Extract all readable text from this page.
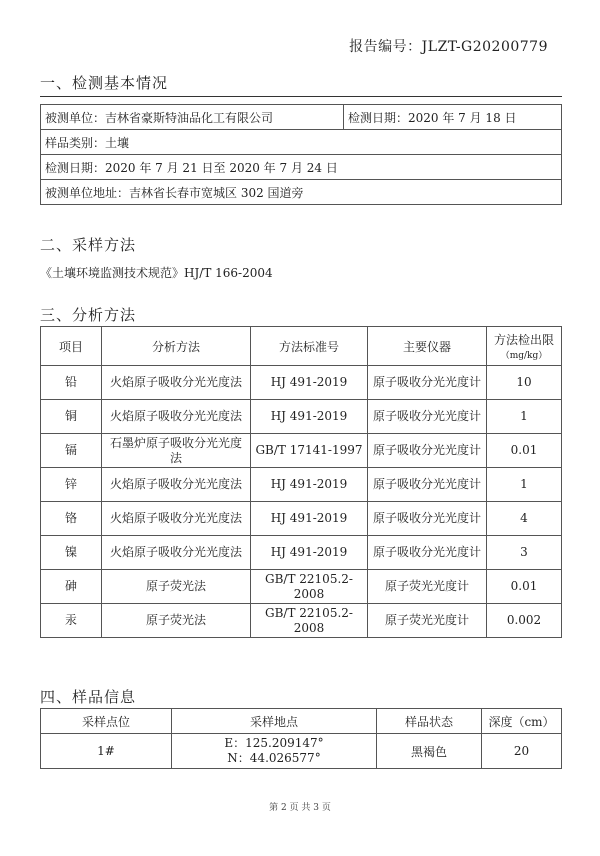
报告编号：JLZT-G20200779
一、检测基本情况
被测单位：吉林省豪斯特油品化工有限公司	检测日期：2020 年 7 月 18 日
样品类别：土壤
检测日期：2020 年 7 月 21 日至 2020 年 7 月 24 日
被测单位地址：吉林省长春市宽城区 302 国道旁
二、采样方法
《土壤环境监测技术规范》HJ/T 166-2004
三、分析方法
项目	分析方法	方法标准号	主要仪器	方法检出限
（mg/kg）

铅	火焰原子吸收分光光度法	HJ 491-2019	原子吸收分光光度计	10
铜	火焰原子吸收分光光度法	HJ 491-2019	原子吸收分光光度计	1
镉	石墨炉原子吸收分光光度法	GB/T 17141-1997	原子吸收分光光度计	0.01
锌	火焰原子吸收分光光度法	HJ 491-2019	原子吸收分光光度计	1
铬	火焰原子吸收分光光度法	HJ 491-2019	原子吸收分光光度计	4
镍	火焰原子吸收分光光度法	HJ 491-2019	原子吸收分光光度计	3
砷	原子荧光法	GB/T 22105.2-2008	原子荧光光度计	0.01
汞	原子荧光法	GB/T 22105.2-2008	原子荧光光度计	0.002
四、样品信息
采样点位	采样地点	样品状态	深度（cm）
1#	E：125.209147°
N：44.026577°	黑褐色	20
第 2 页 共 3 页
